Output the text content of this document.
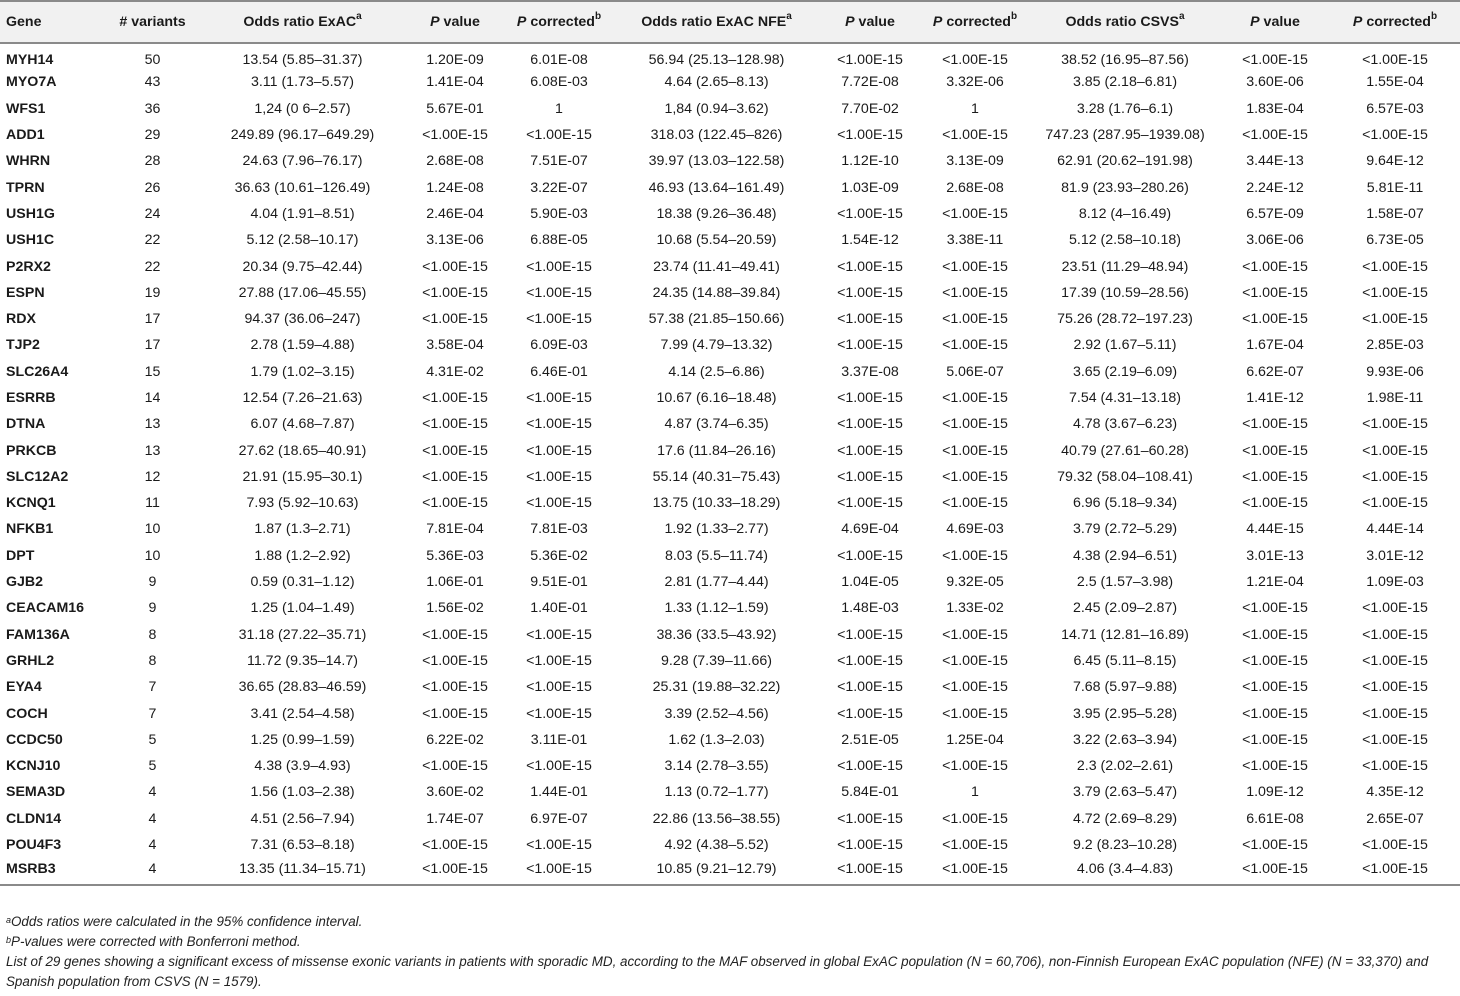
Gene	# variants	Odds ratio ExAC$^a$	P value	P corrected$^b$	Odds ratio ExAC NFE$^a$	P value	P corrected$^b$	Odds ratio CSVS$^a$	P value	P corrected$^b$
MYH14	50	13.54 (5.85–31.37)	1.20E-09	6.01E-08	56.94 (25.13–128.98)	<1.00E-15	<1.00E-15	38.52 (16.95–87.56)	<1.00E-15	<1.00E-15
MYO7A	43	3.11 (1.73–5.57)	1.41E-04	6.08E-03	4.64 (2.65–8.13)	7.72E-08	3.32E-06	3.85 (2.18–6.81)	3.60E-06	1.55E-04
WFS1	36	1,24 (0 6–2.57)	5.67E-01	1	1,84 (0.94–3.62)	7.70E-02	1	3.28 (1.76–6.1)	1.83E-04	6.57E-03
ADD1	29	249.89 (96.17–649.29)	<1.00E-15	<1.00E-15	318.03 (122.45–826)	<1.00E-15	<1.00E-15	747.23 (287.95–1939.08)	<1.00E-15	<1.00E-15
WHRN	28	24.63 (7.96–76.17)	2.68E-08	7.51E-07	39.97 (13.03–122.58)	1.12E-10	3.13E-09	62.91 (20.62–191.98)	3.44E-13	9.64E-12
TPRN	26	36.63 (10.61–126.49)	1.24E-08	3.22E-07	46.93 (13.64–161.49)	1.03E-09	2.68E-08	81.9 (23.93–280.26)	2.24E-12	5.81E-11
USH1G	24	4.04 (1.91–8.51)	2.46E-04	5.90E-03	18.38 (9.26–36.48)	<1.00E-15	<1.00E-15	8.12 (4–16.49)	6.57E-09	1.58E-07
USH1C	22	5.12 (2.58–10.17)	3.13E-06	6.88E-05	10.68 (5.54–20.59)	1.54E-12	3.38E-11	5.12 (2.58–10.18)	3.06E-06	6.73E-05
P2RX2	22	20.34 (9.75–42.44)	<1.00E-15	<1.00E-15	23.74 (11.41–49.41)	<1.00E-15	<1.00E-15	23.51 (11.29–48.94)	<1.00E-15	<1.00E-15
ESPN	19	27.88 (17.06–45.55)	<1.00E-15	<1.00E-15	24.35 (14.88–39.84)	<1.00E-15	<1.00E-15	17.39 (10.59–28.56)	<1.00E-15	<1.00E-15
RDX	17	94.37 (36.06–247)	<1.00E-15	<1.00E-15	57.38 (21.85–150.66)	<1.00E-15	<1.00E-15	75.26 (28.72–197.23)	<1.00E-15	<1.00E-15
TJP2	17	2.78 (1.59–4.88)	3.58E-04	6.09E-03	7.99 (4.79–13.32)	<1.00E-15	<1.00E-15	2.92 (1.67–5.11)	1.67E-04	2.85E-03
SLC26A4	15	1.79 (1.02–3.15)	4.31E-02	6.46E-01	4.14 (2.5–6.86)	3.37E-08	5.06E-07	3.65 (2.19–6.09)	6.62E-07	9.93E-06
ESRRB	14	12.54 (7.26–21.63)	<1.00E-15	<1.00E-15	10.67 (6.16–18.48)	<1.00E-15	<1.00E-15	7.54 (4.31–13.18)	1.41E-12	1.98E-11
DTNA	13	6.07 (4.68–7.87)	<1.00E-15	<1.00E-15	4.87 (3.74–6.35)	<1.00E-15	<1.00E-15	4.78 (3.67–6.23)	<1.00E-15	<1.00E-15
PRKCB	13	27.62 (18.65–40.91)	<1.00E-15	<1.00E-15	17.6 (11.84–26.16)	<1.00E-15	<1.00E-15	40.79 (27.61–60.28)	<1.00E-15	<1.00E-15
SLC12A2	12	21.91 (15.95–30.1)	<1.00E-15	<1.00E-15	55.14 (40.31–75.43)	<1.00E-15	<1.00E-15	79.32 (58.04–108.41)	<1.00E-15	<1.00E-15
KCNQ1	11	7.93 (5.92–10.63)	<1.00E-15	<1.00E-15	13.75 (10.33–18.29)	<1.00E-15	<1.00E-15	6.96 (5.18–9.34)	<1.00E-15	<1.00E-15
NFKB1	10	1.87 (1.3–2.71)	7.81E-04	7.81E-03	1.92 (1.33–2.77)	4.69E-04	4.69E-03	3.79 (2.72–5.29)	4.44E-15	4.44E-14
DPT	10	1.88 (1.2–2.92)	5.36E-03	5.36E-02	8.03 (5.5–11.74)	<1.00E-15	<1.00E-15	4.38 (2.94–6.51)	3.01E-13	3.01E-12
GJB2	9	0.59 (0.31–1.12)	1.06E-01	9.51E-01	2.81 (1.77–4.44)	1.04E-05	9.32E-05	2.5 (1.57–3.98)	1.21E-04	1.09E-03
CEACAM16	9	1.25 (1.04–1.49)	1.56E-02	1.40E-01	1.33 (1.12–1.59)	1.48E-03	1.33E-02	2.45 (2.09–2.87)	<1.00E-15	<1.00E-15
FAM136A	8	31.18 (27.22–35.71)	<1.00E-15	<1.00E-15	38.36 (33.5–43.92)	<1.00E-15	<1.00E-15	14.71 (12.81–16.89)	<1.00E-15	<1.00E-15
GRHL2	8	11.72 (9.35–14.7)	<1.00E-15	<1.00E-15	9.28 (7.39–11.66)	<1.00E-15	<1.00E-15	6.45 (5.11–8.15)	<1.00E-15	<1.00E-15
EYA4	7	36.65 (28.83–46.59)	<1.00E-15	<1.00E-15	25.31 (19.88–32.22)	<1.00E-15	<1.00E-15	7.68 (5.97–9.88)	<1.00E-15	<1.00E-15
COCH	7	3.41 (2.54–4.58)	<1.00E-15	<1.00E-15	3.39 (2.52–4.56)	<1.00E-15	<1.00E-15	3.95 (2.95–5.28)	<1.00E-15	<1.00E-15
CCDC50	5	1.25 (0.99–1.59)	6.22E-02	3.11E-01	1.62 (1.3–2.03)	2.51E-05	1.25E-04	3.22 (2.63–3.94)	<1.00E-15	<1.00E-15
KCNJ10	5	4.38 (3.9–4.93)	<1.00E-15	<1.00E-15	3.14 (2.78–3.55)	<1.00E-15	<1.00E-15	2.3 (2.02–2.61)	<1.00E-15	<1.00E-15
SEMA3D	4	1.56 (1.03–2.38)	3.60E-02	1.44E-01	1.13 (0.72–1.77)	5.84E-01	1	3.79 (2.63–5.47)	1.09E-12	4.35E-12
CLDN14	4	4.51 (2.56–7.94)	1.74E-07	6.97E-07	22.86 (13.56–38.55)	<1.00E-15	<1.00E-15	4.72 (2.69–8.29)	6.61E-08	2.65E-07
POU4F3	4	7.31 (6.53–8.18)	<1.00E-15	<1.00E-15	4.92 (4.38–5.52)	<1.00E-15	<1.00E-15	9.2 (8.23–10.28)	<1.00E-15	<1.00E-15
MSRB3	4	13.35 (11.34–15.71)	<1.00E-15	<1.00E-15	10.85 (9.21–12.79)	<1.00E-15	<1.00E-15	4.06 (3.4–4.83)	<1.00E-15	<1.00E-15
$^a$Odds ratios were calculated in the 95% confidence interval.
$^b$P-values were corrected with Bonferroni method.
List of 29 genes showing a significant excess of missense exonic variants in patients with sporadic MD, according to the MAF observed in global ExAC population (N = 60,706), non-Finnish European ExAC population (NFE) (N = 33,370) and Spanish population from CSVS (N = 1579).
